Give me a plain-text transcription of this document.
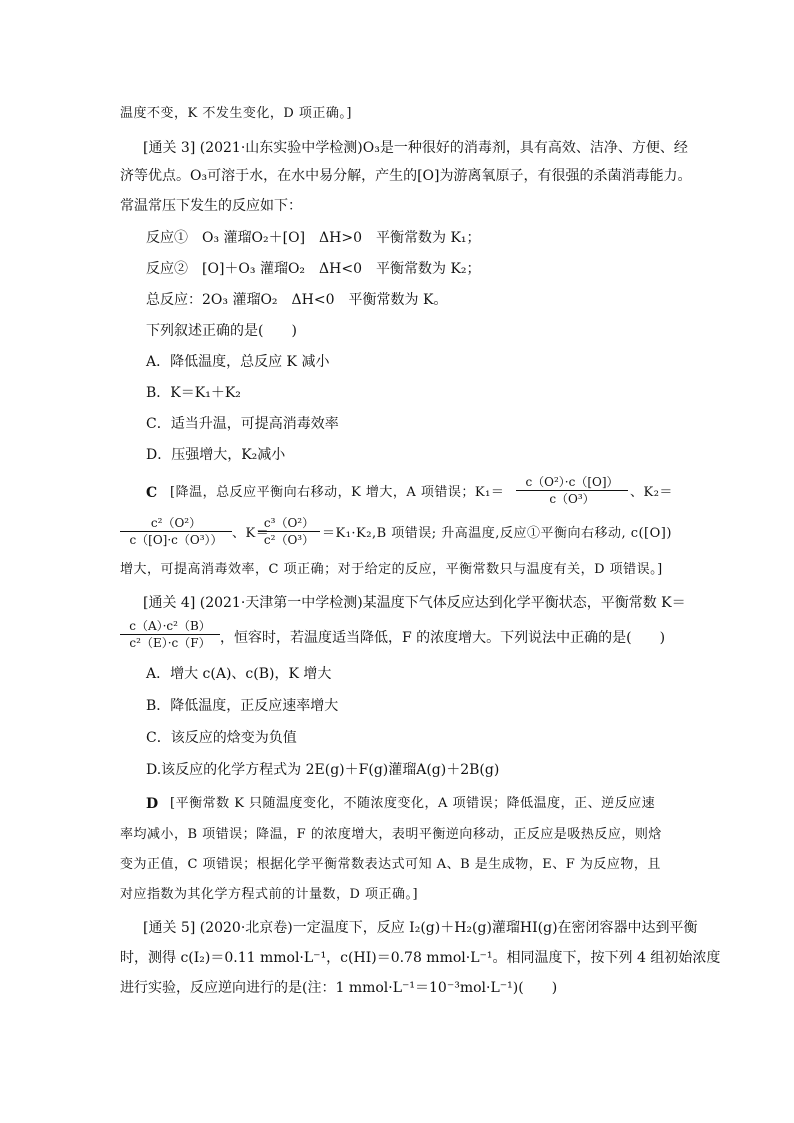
温度不变，K 不发生变化，D 项正确。]
[通关 3] (2021·山东实验中学检测)O₃是一种很好的消毒剂，具有高效、洁净、方便、经
济等优点。O₃可溶于水，在水中易分解，产生的[O]为游离氧原子，有很强的杀菌消毒能力。
常温常压下发生的反应如下：
反应①　O₃ 灌瑠O₂＋[O]　ΔH>0　平衡常数为 K₁；
反应②　[O]＋O₃ 灌瑠O₂　ΔH<0　平衡常数为 K₂；
总反应：2O₃ 灌瑠O₂　ΔH<0　平衡常数为 K。
下列叙述正确的是(　　)
A．降低温度，总反应 K 减小
B．K＝K₁＋K₂
C．适当升温，可提高消毒效率
D．压强增大，K₂减小
C [降温，总反应平衡向右移动，K 增大，A 项错误；$K_1= \frac{\text{c（O²）·c（[O]）}}{\text{c（O³）}}$ 、K₂＝
$\frac{\text{c²（O²）}}{\text{c（[O]·c（O³））}}$ 、K＝
$\frac{\text{c³（O²）}}{\text{c²（O³）}} =K_1\cdot K_2,B$ 项错误; 升高温度,反应①平衡向右移动, c([O])
增大，可提高消毒效率，C 项正确；对于给定的反应，平衡常数只与温度有关，D 项错误。]
[通关 4] (2021·天津第一中学检测)某温度下气体反应达到化学平衡状态，平衡常数 K＝
$\frac{\text{c（A）·c²（B）}}{\text{c²（E）·c（F）}}$ ，恒容时，若温度适当降低，F 的浓度增大。下列说法中正确的是(　　)
A．增大 c(A)、c(B)，K 增大
B．降低温度，正反应速率增大
C．该反应的焓变为负值
D.该反应的化学方程式为 2E(g)＋F(g)灌瑠A(g)＋2B(g)
D [平衡常数 K 只随温度变化，不随浓度变化，A 项错误；降低温度，正、逆反应速
率均减小，B 项错误；降温，F 的浓度增大，表明平衡逆向移动，正反应是吸热反应，则焓
变为正值，C 项错误；根据化学平衡常数表达式可知 A、B 是生成物，E、F 为反应物，且
对应指数为其化学方程式前的计量数，D 项正确。]
[通关 5] (2020·北京卷)一定温度下，反应 I₂(g)＋H₂(g)灌瑠HI(g)在密闭容器中达到平衡
时，测得 c(I₂)＝0.11 mmol·L⁻¹，c(HI)＝0.78 mmol·L⁻¹。相同温度下，按下列 4 组初始浓度
进行实验，反应逆向进行的是(注：1 mmol·L⁻¹＝10⁻³mol·L⁻¹)(　　)
